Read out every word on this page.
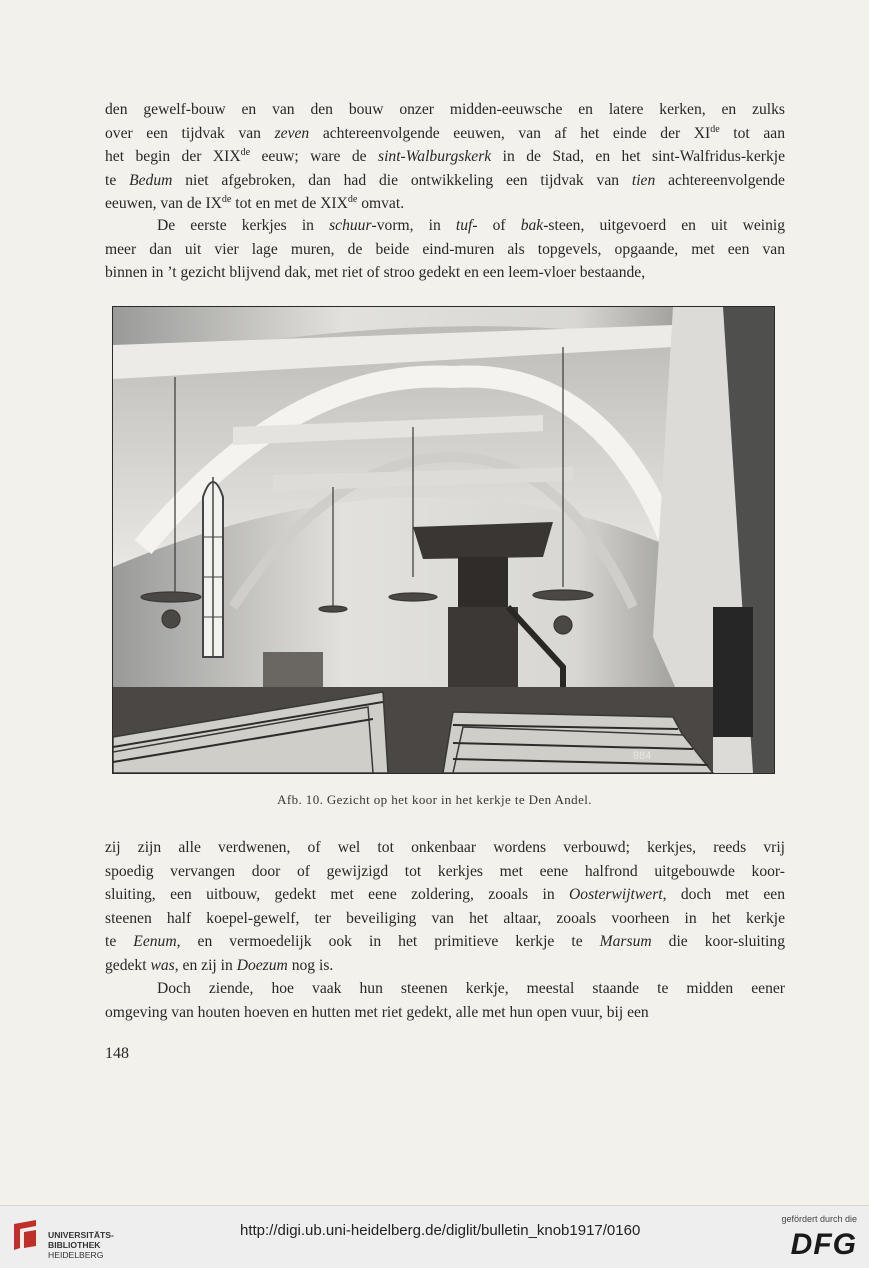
den gewelf-bouw en van den bouw onzer midden-eeuwsche en latere kerken, en zulks
over een tijdvak van zeven achtereenvolgende eeuwen, van af het einde der XIde tot aan
het begin der XIXde eeuw; ware de sint-Walburgskerk in de Stad, en het sint-Walfridus-kerkje
te Bedum niet afgebroken, dan had die ontwikkeling een tijdvak van tien achtereenvolgende
eeuwen, van de IXde tot en met de XIXde omvat.
De eerste kerkjes in schuur-vorm, in tuf- of bak-steen, uitgevoerd en uit weinig
meer dan uit vier lage muren, de beide eind-muren als topgevels, opgaande, met een van
binnen in ’t gezicht blijvend dak, met riet of stroo gedekt en een leem-vloer bestaande,
984
Afb. 10. Gezicht op het koor in het kerkje te Den Andel.
zij zijn alle verdwenen, of wel tot onkenbaar wordens verbouwd; kerkjes, reeds vrij
spoedig vervangen door of gewijzigd tot kerkjes met eene halfrond uitgebouwde koor-
sluiting, een uitbouw, gedekt met eene zoldering, zooals in Oosterwijtwert, doch met een
steenen half koepel-gewelf, ter beveiliging van het altaar, zooals voorheen in het kerkje
te Eenum, en vermoedelijk ook in het primitieve kerkje te Marsum die koor-sluiting
gedekt was, en zij in Doezum nog is.
Doch ziende, hoe vaak hun steenen kerkje, meestal staande te midden eener
omgeving van houten hoeven en hutten met riet gedekt, alle met hun open vuur, bij een
148
UNIVERSITÄTS-
BIBLIOTHEK
HEIDELBERG
http://digi.ub.uni-heidelberg.de/diglit/bulletin_knob1917/0160
gefördert durch die
DFG
